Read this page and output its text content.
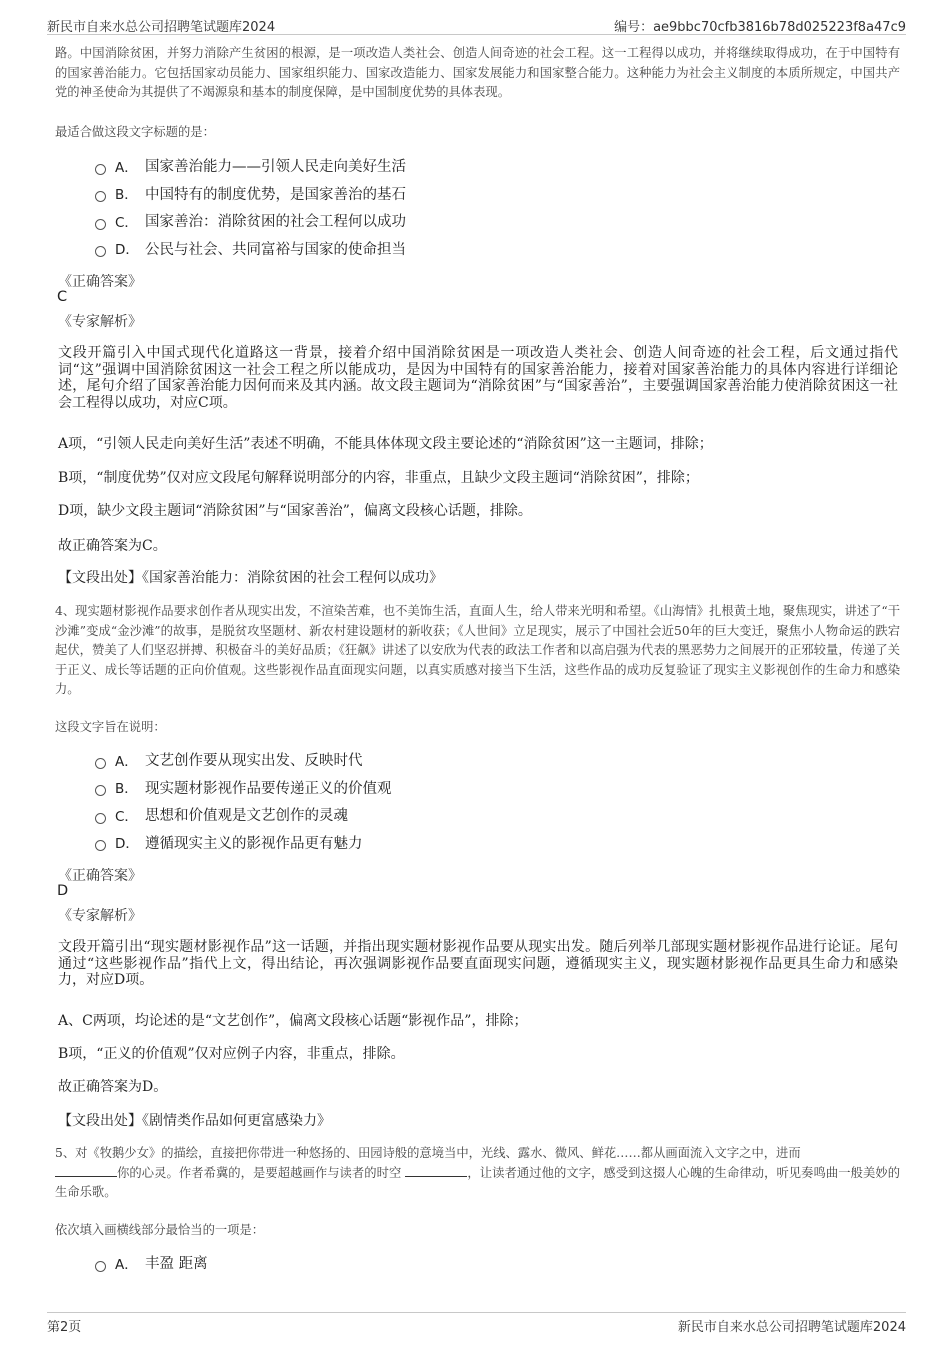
新民市自来水总公司招聘笔试题库2024	编号：ae9bbc70cfb3816b78d025223f8a47c9

路。中国消除贫困，并努力消除产生贫困的根源，是一项改造人类社会、创造人间奇迹的社会工程。这一工程得以成功，并将继续取得成功，在于中国特有的国家善治能力。它包括国家动员能力、国家组织能力、国家改造能力、国家发展能力和国家整合能力。这种能力为社会主义制度的本质所规定，中国共产党的神圣使命为其提供了不竭源泉和基本的制度保障，是中国制度优势的具体表现。

最适合做这段文字标题的是：

A． 国家善治能力——引领人民走向美好生活
B． 中国特有的制度优势，是国家善治的基石
C． 国家善治：消除贫困的社会工程何以成功
D． 公民与社会、共同富裕与国家的使命担当
《正确答案》
C
《专家解析》

文段开篇引入中国式现代化道路这一背景，接着介绍中国消除贫困是一项改造人类社会、创造人间奇迹的社会工程，后文通过指代词“这”强调中国消除贫困这一社会工程之所以能成功，是因为中国特有的国家善治能力，接着对国家善治能力的具体内容进行详细论述，尾句介绍了国家善治能力因何而来及其内涵。故文段主题词为“消除贫困”与“国家善治”，主要强调国家善治能力使消除贫困这一社会工程得以成功，对应C项。

A项，“引领人民走向美好生活”表述不明确，不能具体体现文段主要论述的“消除贫困”这一主题词，排除；

B项，“制度优势”仅对应文段尾句解释说明部分的内容，非重点，且缺少文段主题词“消除贫困”，排除；

D项，缺少文段主题词“消除贫困”与“国家善治”，偏离文段核心话题，排除。

故正确答案为C。

【文段出处】《国家善治能力：消除贫困的社会工程何以成功》

4、现实题材影视作品要求创作者从现实出发，不渲染苦难，也不美饰生活，直面人生，给人带来光明和希望。《山海情》扎根黄土地，聚焦现实，讲述了“干沙滩”变成“金沙滩”的故事，是脱贫攻坚题材、新农村建设题材的新收获；《人世间》立足现实，展示了中国社会近50年的巨大变迁，聚焦小人物命运的跌宕起伏，赞美了人们坚忍拼搏、积极奋斗的美好品质；《狂飙》讲述了以安欣为代表的政法工作者和以高启强为代表的黑恶势力之间展开的正邪较量，传递了关于正义、成长等话题的正向价值观。这些影视作品直面现实问题，以真实质感对接当下生活，这些作品的成功反复验证了现实主义影视创作的生命力和感染力。

这段文字旨在说明：

A． 文艺创作要从现实出发、反映时代
B． 现实题材影视作品要传递正义的价值观
C． 思想和价值观是文艺创作的灵魂
D． 遵循现实主义的影视作品更有魅力
《正确答案》
D
《专家解析》

文段开篇引出“现实题材影视作品”这一话题，并指出现实题材影视作品要从现实出发。随后列举几部现实题材影视作品进行论证。尾句通过“这些影视作品”指代上文，得出结论，再次强调影视作品要直面现实问题，遵循现实主义，现实题材影视作品更具生命力和感染力，对应D项。

A、C两项，均论述的是“文艺创作”，偏离文段核心话题“影视作品”，排除；

B项，“正义的价值观”仅对应例子内容，非重点，排除。

故正确答案为D。

【文段出处】《剧情类作品如何更富感染力》

5、对《牧鹅少女》的描绘，直接把你带进一种悠扬的、田园诗般的意境当中，光线、露水、微风、鲜花……都从画面流入文字之中，进而
你的心灵。作者希冀的，是要超越画作与读者的时空	，让读者通过他的文字，感受到这掇人心魄的生命律动，听见奏鸣曲一般美妙的生命乐歌。

依次填入画横线部分最恰当的一项是：

A． 丰盈 距离
第2页	新民市自来水总公司招聘笔试题库2024
